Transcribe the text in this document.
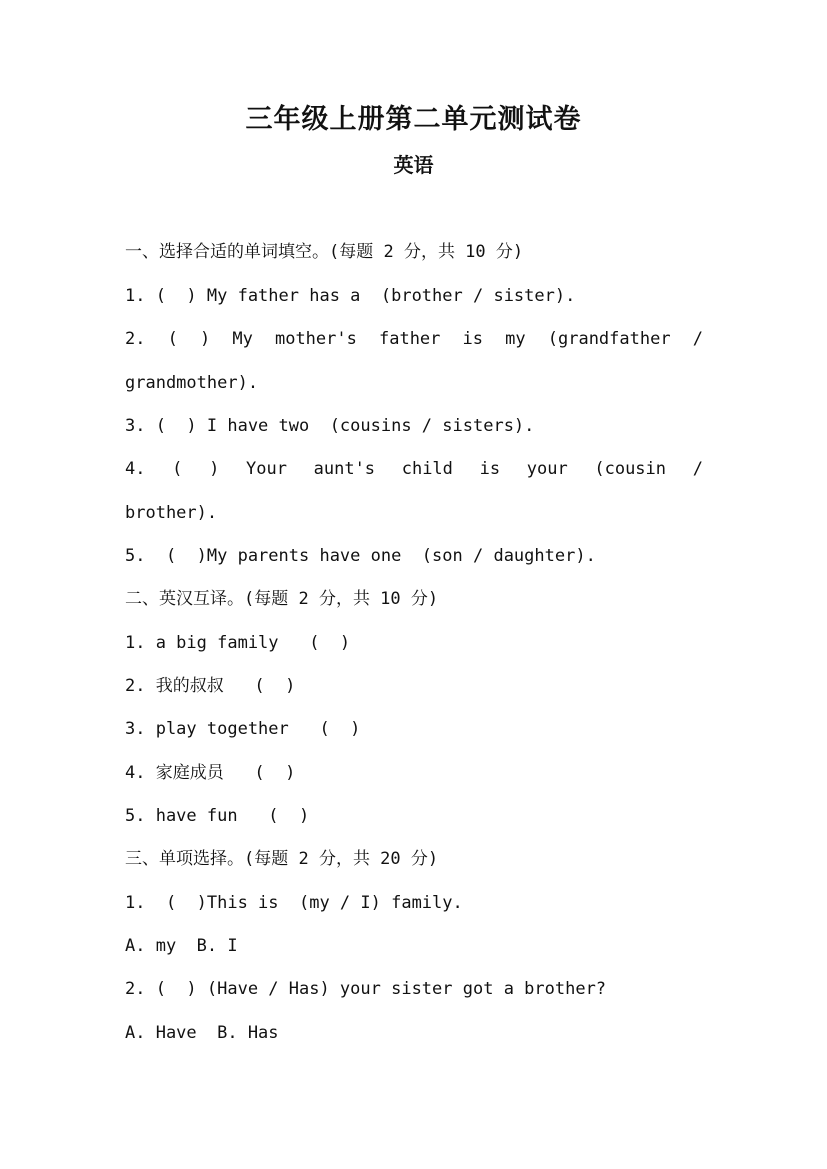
三年级上册第二单元测试卷
英语
一、选择合适的单词填空。(每题 2 分，共 10 分)
1. (  ) My father has a  (brother / sister).
2. ( ) My mother's father is my (grandfather /
grandmother).
3. (  ) I have two  (cousins / sisters).
4. ( ) Your aunt's child is your (cousin /
brother).
5.  (  )My parents have one  (son / daughter).
二、英汉互译。(每题 2 分，共 10 分)
1. a big family   (  )
2. 我的叔叔   (  )
3. play together   (  )
4. 家庭成员   (  )
5. have fun   (  )
三、单项选择。(每题 2 分，共 20 分)
1.  (  )This is  (my / I) family.
A. my  B. I
2. (  ) (Have / Has) your sister got a brother?
A. Have  B. Has
